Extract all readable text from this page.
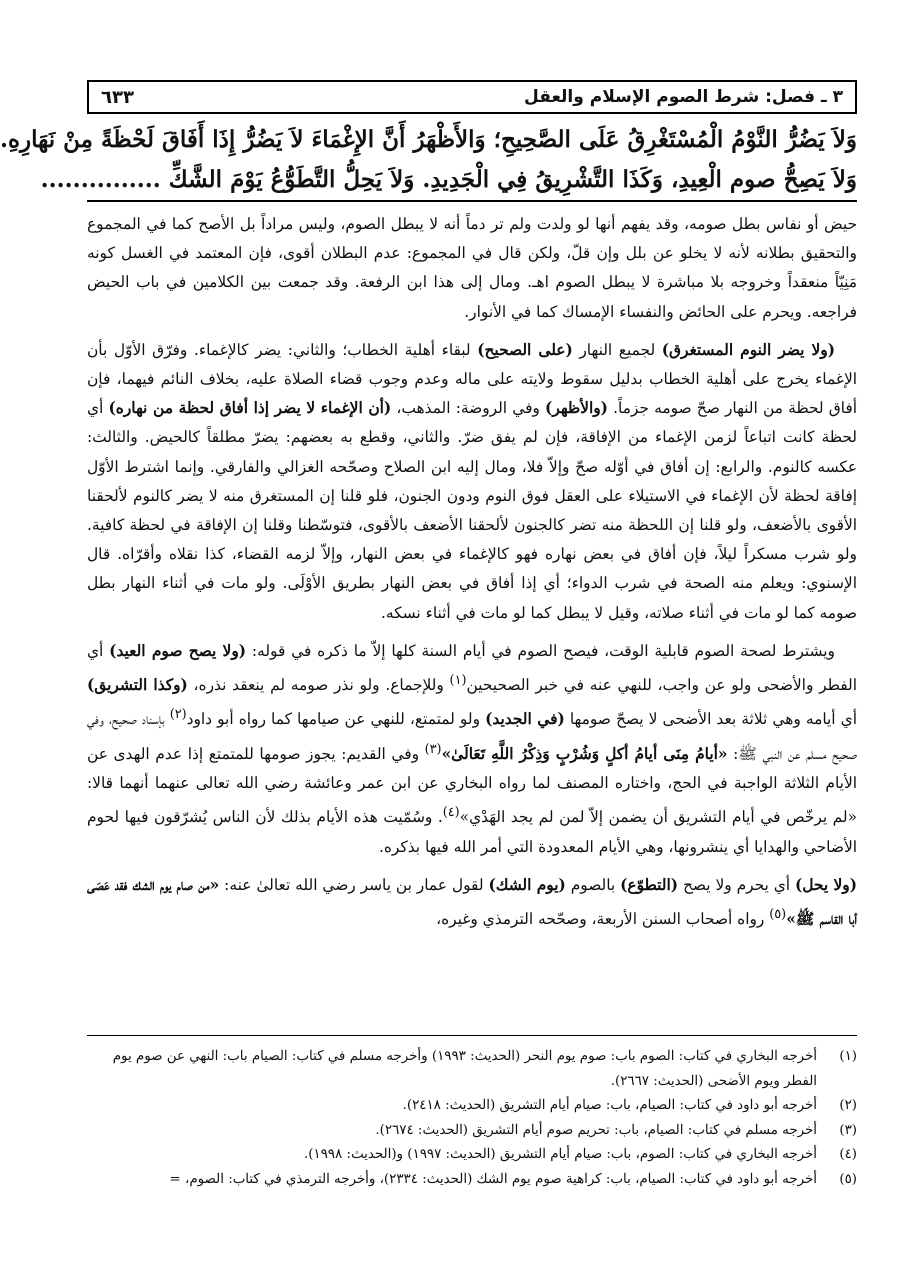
٣ ـ فصل: شرط الصوم الإسلام والعقل
٦٣٣
وَلاَ يَضُرُّ النَّوْمُ الْمُسْتَغْرِقُ عَلَى الصَّحِيحِ؛ وَالأَظْهَرُ أَنَّ الإِغْمَاءَ لاَ يَضُرُّ إِذَا أَفَاقَ لَحْظَةً مِنْ نَهَارِهِ.
وَلاَ يَصِحُّ صوم الْعِيدِ، وَكَذَا التَّشْرِيقُ فِي الْجَدِيدِ. وَلاَ يَحِلُّ التَّطَوُّعُ يَوْمَ الشَّكِّ ...............

حيض أو نفاس بطل صومه، وقد يفهم أنها لو ولدت ولم تر دماً أنه لا يبطل الصوم، وليس مراداً بل الأصح كما في المجموع والتحقيق بطلانه لأنه لا يخلو عن بلل وإن قلّ، ولكن قال في المجموع: عدم البطلان أقوى، فإن المعتمد في الغسل كونه مَنِيّاً منعقداً وخروجه بلا مباشرة لا يبطل الصوم اهـ. ومال إلى هذا ابن الرفعة. وقد جمعت بين الكلامين في باب الحيض فراجعه. ويحرم على الحائض والنفساء الإمساك كما في الأنوار.

(ولا يضر النوم المستغرق) لجميع النهار (على الصحيح) لبقاء أهلية الخطاب؛ والثاني: يضر كالإغماء. وفرّق الأوّل بأن الإغماء يخرج على أهلية الخطاب بدليل سقوط ولايته على ماله وعدم وجوب قضاء الصلاة عليه، بخلاف النائم فيهما، فإن أفاق لحظة من النهار صحّ صومه جزماً. (والأظهر) وفي الروضة: المذهب، (أن الإغماء لا يضر إذا أفاق لحظة من نهاره) أي لحظة كانت اتباعاً لزمن الإغماء من الإفاقة، فإن لم يفق ضرّ. والثاني، وقطع به بعضهم: يضرّ مطلقاً كالحيض. والثالث: عكسه كالنوم. والرابع: إن أفاق في أوّله صحّ وإلاّ فلا، ومال إليه ابن الصلاح وصحّحه الغزالي والفارقي. وإنما اشترط الأوّل إفاقة لحظة لأن الإغماء في الاستيلاء على العقل فوق النوم ودون الجنون، فلو قلنا إن المستغرق منه لا يضر كالنوم لألحقنا الأقوى بالأضعف، ولو قلنا إن اللحظة منه تضر كالجنون لألحقنا الأضعف بالأقوى، فتوسّطنا وقلنا إن الإفاقة في لحظة كافية. ولو شرب مسكراً ليلاً، فإن أفاق في بعض نهاره فهو كالإغماء في بعض النهار، وإلاّ لزمه القضاء، كذا نقلاه وأقرّاه. قال الإسنوي: ويعلم منه الصحة في شرب الدواء؛ أي إذا أفاق في بعض النهار بطريق الأوْلَى. ولو مات في أثناء النهار بطل صومه كما لو مات في أثناء صلاته، وقيل لا يبطل كما لو مات في أثناء نسكه.

ويشترط لصحة الصوم قابلية الوقت، فيصح الصوم في أيام السنة كلها إلاّ ما ذكره في قوله: (ولا يصح صوم العيد) أي الفطر والأضحى ولو عن واجب، للنهي عنه في خبر الصحيحين$^{(١)}$ وللإجماع. ولو نذر صومه لم ينعقد نذره، (وكذا التشريق) أي أيامه وهي ثلاثة بعد الأضحى لا يصحّ صومها (في الجديد) ولو لمتمتع، للنهي عن صيامها كما رواه أبو داود$^{(٢)}$ بإسناد صحيح، وفي صحيح مسلم عن النبي ﷺ: «أيامُ مِنَى أيامُ أكلٍ وَشُرْبٍ وَذِكْرُ اللَّهِ تَعَالَىٰ»$^{(٣)}$ وفي القديم: يجوز صومها للمتمتع إذا عدم الهدى عن الأيام الثلاثة الواجبة في الحج، واختاره المصنف لما رواه البخاري عن ابن عمر وعائشة رضي الله تعالى عنهما أنهما قالا: «لم يرخّص في أيام التشريق أن يضمن إلاّ لمن لم يجد الهَدْي»$^{(٤)}$. وسُمّيت هذه الأيام بذلك لأن الناس يُشرّقون فيها لحوم الأضاحي والهدايا أي ينشرونها، وهي الأيام المعدودة التي أمر الله فيها بذكره.

(ولا يحل) أي يحرم ولا يصح (التطوّع) بالصوم (يوم الشك) لقول عمار بن ياسر رضي الله تعالىٰ عنه: «من صام يوم الشك فقد عَصَى أبا القاسم ﷺ»$^{(٥)}$ رواه أصحاب السنن الأربعة، وصحّحه الترمذي وغيره،

(١)
أخرجه البخاري في كتاب: الصوم باب: صوم يوم النحر (الحديث: ١٩٩٣) وأخرجه مسلم في كتاب: الصيام باب: النهي عن صوم يوم الفطر ويوم الأضحى (الحديث: ٢٦٦٧).
(٢)
أخرجه أبو داود في كتاب: الصيام، باب: صيام أيام التشريق (الحديث: ٢٤١٨).
(٣)
أخرجه مسلم في كتاب: الصيام، باب: تحريم صوم أيام التشريق (الحديث: ٢٦٧٤).
(٤)
أخرجه البخاري في كتاب: الصوم، باب: صيام أيام التشريق (الحديث: ١٩٩٧) و(الحديث: ١٩٩٨).
(٥)
أخرجه أبو داود في كتاب: الصيام، باب: كراهية صوم يوم الشك (الحديث: ٢٣٣٤)، وأخرجه الترمذي في كتاب: الصوم، =
